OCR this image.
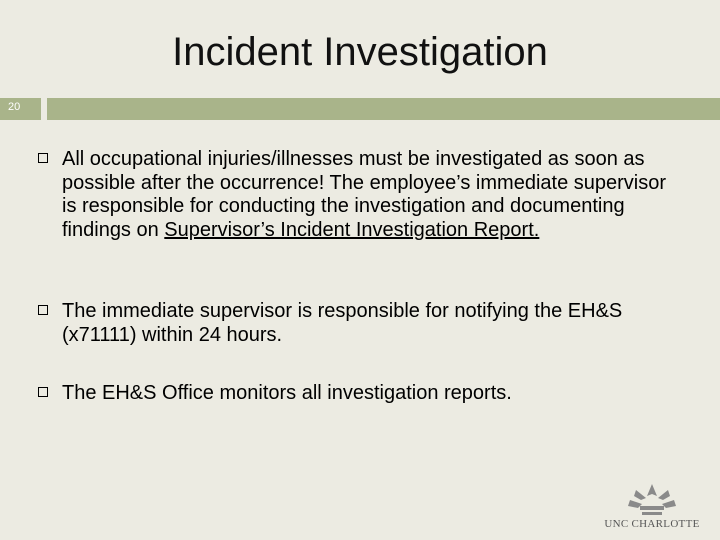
Incident Investigation
20
All occupational injuries/illnesses must be investigated as soon as possible after the occurrence! The employee’s immediate supervisor is responsible for conducting the investigation and documenting findings on Supervisor’s Incident Investigation Report.
The immediate supervisor is responsible for notifying the EH&S (x71111) within 24 hours.
The EH&S Office monitors all investigation reports.
UNC CHARLOTTE
